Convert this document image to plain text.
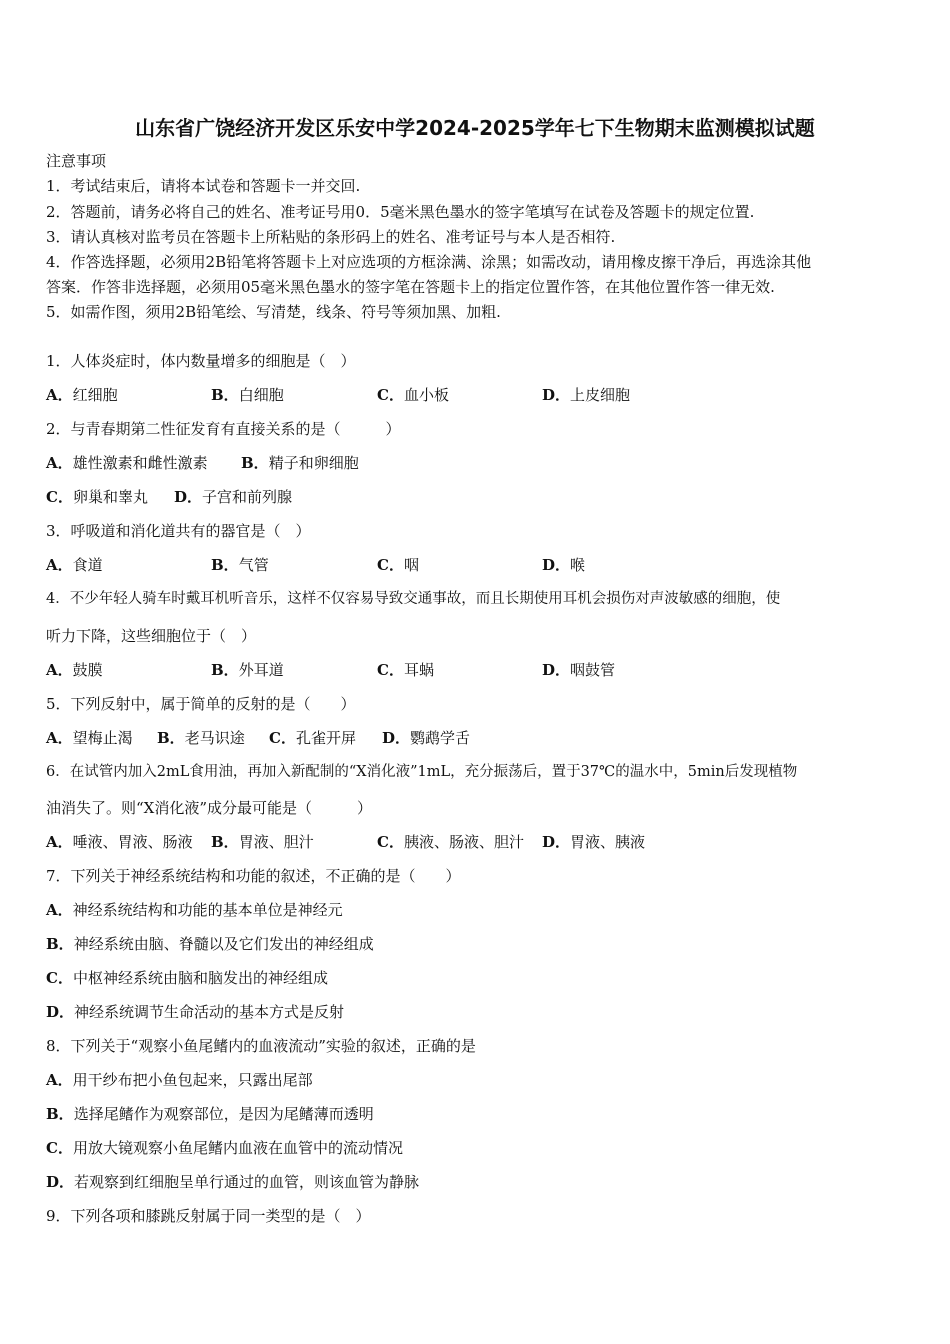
山东省广饶经济开发区乐安中学2024-2025学年七下生物期末监测模拟试题
注意事项
1．考试结束后，请将本试卷和答题卡一并交回.
2．答题前，请务必将自己的姓名、准考证号用0．5毫米黑色墨水的签字笔填写在试卷及答题卡的规定位置.
3．请认真核对监考员在答题卡上所粘贴的条形码上的姓名、准考证号与本人是否相符.
4．作答选择题，必须用2B铅笔将答题卡上对应选项的方框涂满、涂黑；如需改动，请用橡皮擦干净后，再选涂其他
答案．作答非选择题，必须用05毫米黑色墨水的签字笔在答题卡上的指定位置作答，在其他位置作答一律无效.
5．如需作图，须用2B铅笔绘、写清楚，线条、符号等须加黑、加粗.
1．人体炎症时，体内数量增多的细胞是（　）
A．红细胞	B．白细胞	C．血小板	D．上皮细胞
2．与青春期第二性征发育有直接关系的是（　　　）
A．雄性激素和雌性激素 B．精子和卵细胞
C．卵巢和睾丸 D．子宫和前列腺
3．呼吸道和消化道共有的器官是（　）
A．食道	B．气管	C．咽	D．喉
4．不少年轻人骑车时戴耳机听音乐，这样不仅容易导致交通事故，而且长期使用耳机会损伤对声波敏感的细胞，使
听力下降，这些细胞位于（　）
A．鼓膜	B．外耳道	C．耳蜗	D．咽鼓管
5．下列反射中，属于简单的反射的是（　　）
A．望梅止渴 B．老马识途 C．孔雀开屏 D．鹦鹉学舌
6．在试管内加入2mL食用油，再加入新配制的“X消化液”1mL，充分振荡后，置于37℃的温水中，5min后发现植物
油消失了。则“X消化液”成分最可能是（　　　）
A．唾液、胃液、肠液 B．胃液、胆汁	C．胰液、肠液、胆汁 D．胃液、胰液
7．下列关于神经系统结构和功能的叙述，不正确的是（　　）
A．神经系统结构和功能的基本单位是神经元
B．神经系统由脑、脊髓以及它们发出的神经组成
C．中枢神经系统由脑和脑发出的神经组成
D．神经系统调节生命活动的基本方式是反射
8．下列关于“观察小鱼尾鳍内的血液流动”实验的叙述，正确的是
A．用干纱布把小鱼包起来，只露出尾部
B．选择尾鳍作为观察部位，是因为尾鳍薄而透明
C．用放大镜观察小鱼尾鳍内血液在血管中的流动情况
D．若观察到红细胞呈单行通过的血管，则该血管为静脉
9．下列各项和膝跳反射属于同一类型的是（　）
